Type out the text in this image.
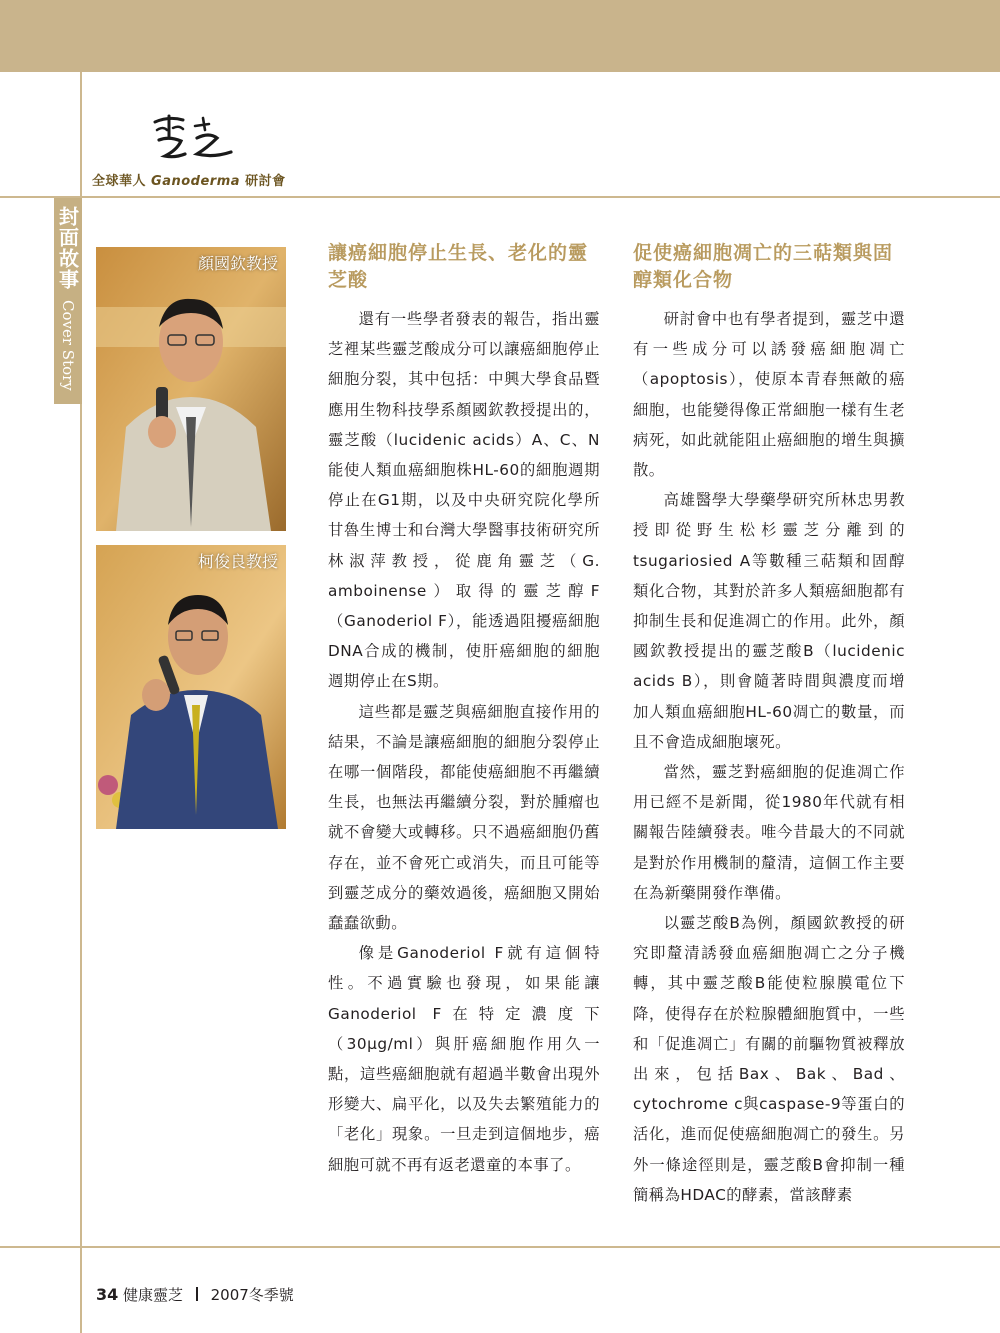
全球華人 Ganoderma 研討會
封面故事
Cover Story
顏國欽教授
柯俊良教授
讓癌細胞停止生長、老化的靈芝酸

還有一些學者發表的報告，指出靈芝裡某些靈芝酸成分可以讓癌細胞停止細胞分裂，其中包括：中興大學食品暨應用生物科技學系顏國欽教授提出的，靈芝酸（lucidenic acids）A、C、N能使人類血癌細胞株HL-60的細胞週期停止在G1期，以及中央研究院化學所甘魯生博士和台灣大學醫事技術研究所林淑萍教授，從鹿角靈芝（G. amboinense）取得的靈芝醇F（Ganoderiol F），能透過阻擾癌細胞DNA合成的機制，使肝癌細胞的細胞週期停止在S期。

這些都是靈芝與癌細胞直接作用的結果，不論是讓癌細胞的細胞分裂停止在哪一個階段，都能使癌細胞不再繼續生長，也無法再繼續分裂，對於腫瘤也就不會變大或轉移。只不過癌細胞仍舊存在，並不會死亡或消失，而且可能等到靈芝成分的藥效過後，癌細胞又開始蠢蠢欲動。

像是Ganoderiol F就有這個特性。不過實驗也發現，如果能讓Ganoderiol F在特定濃度下（30μg/ml）與肝癌細胞作用久一點，這些癌細胞就有超過半數會出現外形變大、扁平化，以及失去繁殖能力的「老化」現象。一旦走到這個地步，癌細胞可就不再有返老還童的本事了。

促使癌細胞凋亡的三萜類與固醇類化合物

研討會中也有學者提到，靈芝中還有一些成分可以誘發癌細胞凋亡（apoptosis），使原本青春無敵的癌細胞，也能變得像正常細胞一樣有生老病死，如此就能阻止癌細胞的增生與擴散。

高雄醫學大學藥學研究所林忠男教授即從野生松杉靈芝分離到的tsugariosied A等數種三萜類和固醇類化合物，其對於許多人類癌細胞都有抑制生長和促進凋亡的作用。此外，顏國欽教授提出的靈芝酸B（lucidenic acids B），則會隨著時間與濃度而增加人類血癌細胞HL-60凋亡的數量，而且不會造成細胞壞死。

當然，靈芝對癌細胞的促進凋亡作用已經不是新聞，從1980年代就有相關報告陸續發表。唯今昔最大的不同就是對於作用機制的釐清，這個工作主要在為新藥開發作準備。

以靈芝酸B為例，顏國欽教授的研究即釐清誘發血癌細胞凋亡之分子機轉，其中靈芝酸B能使粒腺膜電位下降，使得存在於粒腺體細胞質中，一些和「促進凋亡」有關的前驅物質被釋放出來，包括Bax、Bak、Bad、cytochrome c與caspase-9等蛋白的活化，進而促使癌細胞凋亡的發生。另外一條途徑則是，靈芝酸B會抑制一種簡稱為HDAC的酵素，當該酵素

34 健康靈芝 2007冬季號
